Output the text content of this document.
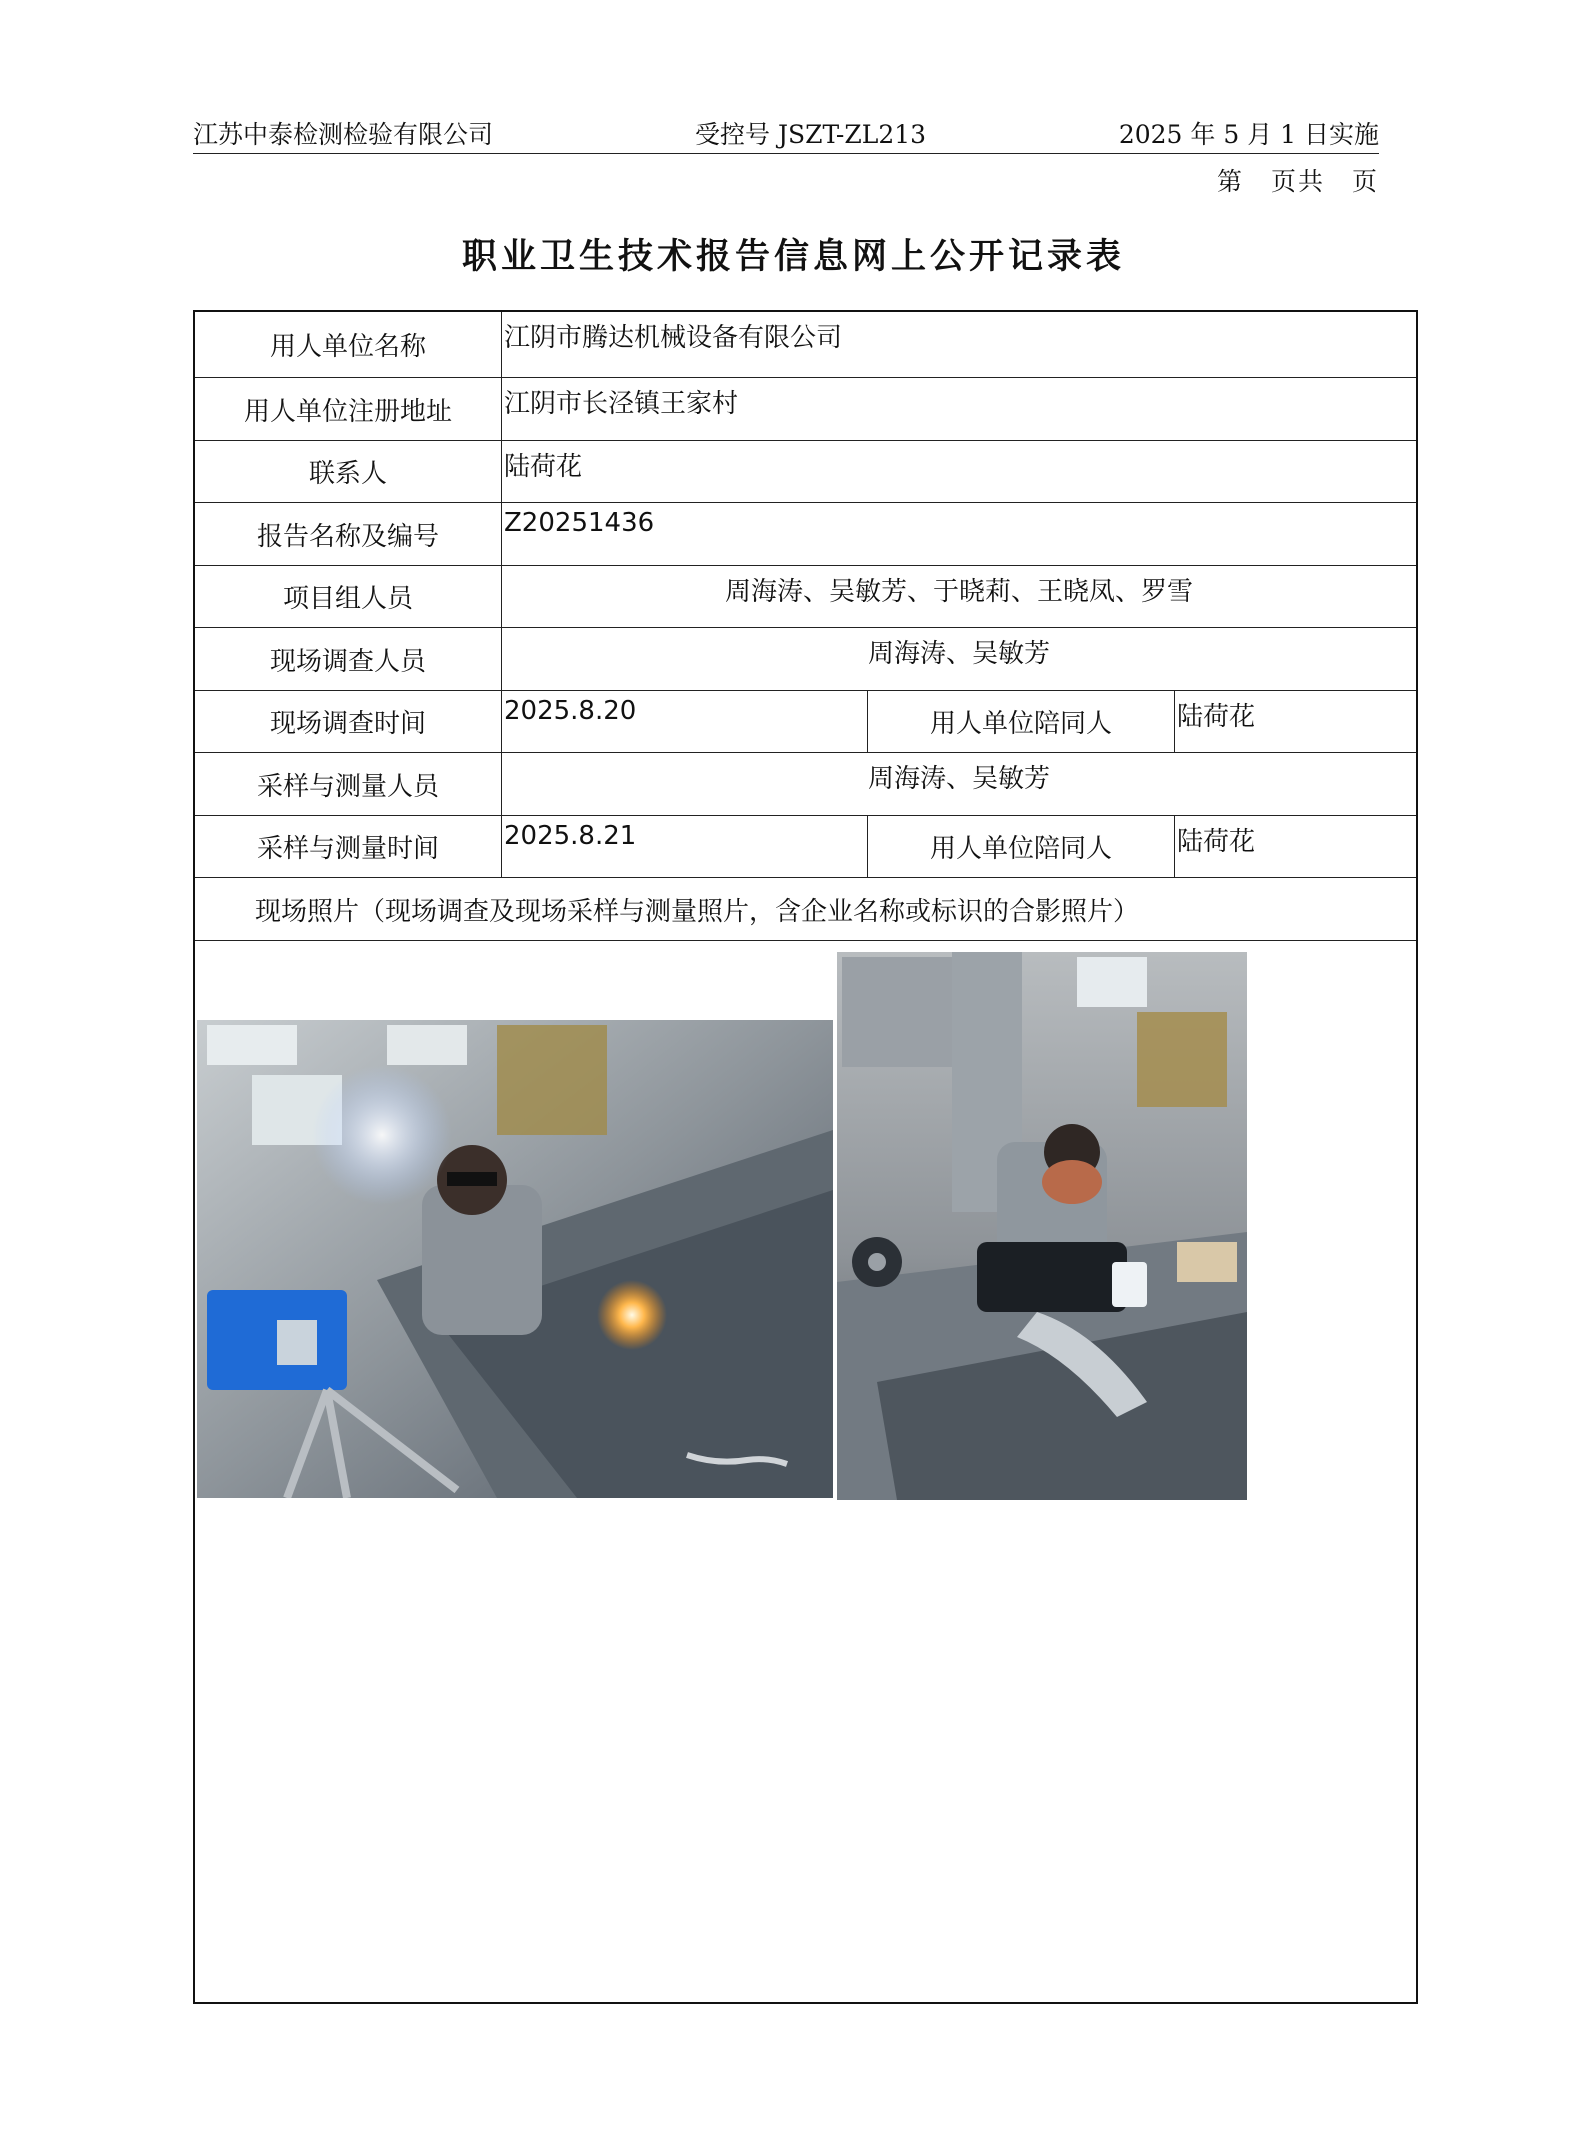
江苏中泰检测检验有限公司	受控号 JSZT-ZL213	2025 年 5 月 1 日实施
第　页共　页
职业卫生技术报告信息网上公开记录表
用人单位名称	江阴市腾达机械设备有限公司
用人单位注册地址	江阴市长泾镇王家村
联系人	陆荷花
报告名称及编号	Z20251436
项目组人员	周海涛、吴敏芳、于晓莉、王晓凤、罗雪
现场调查人员	周海涛、吴敏芳
现场调查时间	2025.8.20	用人单位陪同人	陆荷花
采样与测量人员	周海涛、吴敏芳
采样与测量时间	2025.8.21	用人单位陪同人	陆荷花
现场照片（现场调查及现场采样与测量照片，含企业名称或标识的合影照片）
